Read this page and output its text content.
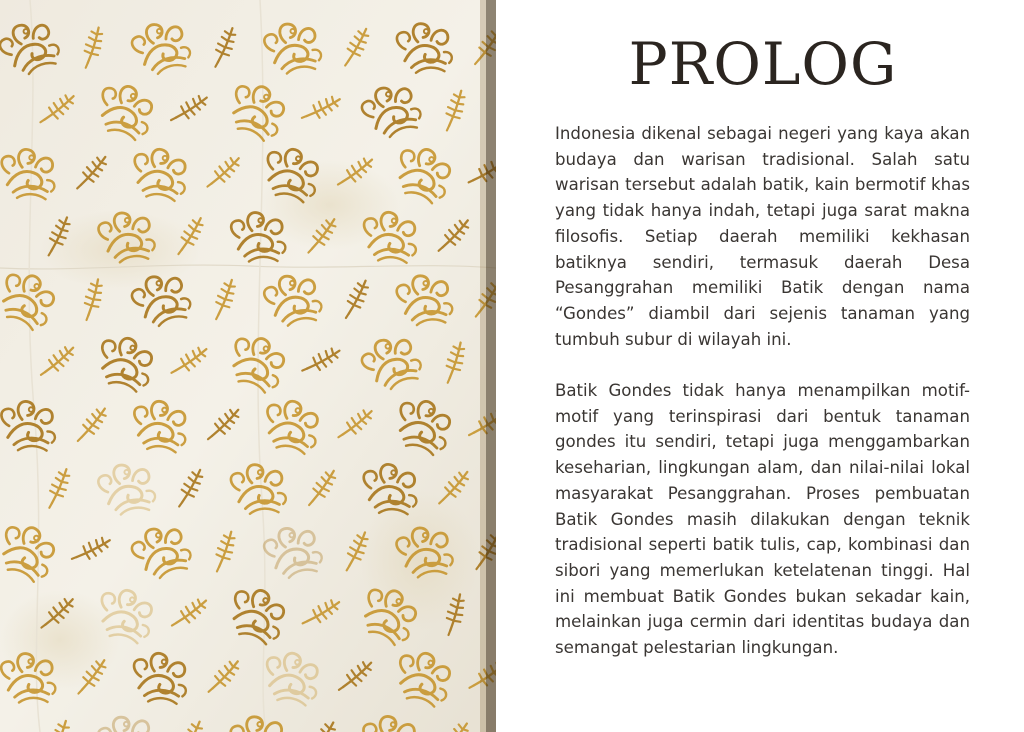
PROLOG

Indonesia dikenal sebagai negeri yang kaya akan budaya dan warisan tradisional. Salah satu warisan tersebut adalah batik, kain bermotif khas yang tidak hanya indah, tetapi juga sarat makna filosofis. Setiap daerah memiliki kekhasan batiknya sendiri, termasuk daerah Desa Pesanggrahan memiliki Batik dengan nama “Gondes” diambil dari sejenis tanaman yang tumbuh subur di wilayah ini.

Batik Gondes tidak hanya menampilkan motif-motif yang terinspirasi dari bentuk tanaman gondes itu sendiri, tetapi juga menggambarkan keseharian, lingkungan alam, dan nilai-nilai lokal masyarakat Pesanggrahan. Proses pembuatan Batik Gondes masih dilakukan dengan teknik tradisional seperti batik tulis, cap, kombinasi dan sibori yang memerlukan ketelatenan tinggi. Hal ini membuat Batik Gondes bukan sekadar kain, melainkan juga cermin dari identitas budaya dan semangat pelestarian lingkungan.
